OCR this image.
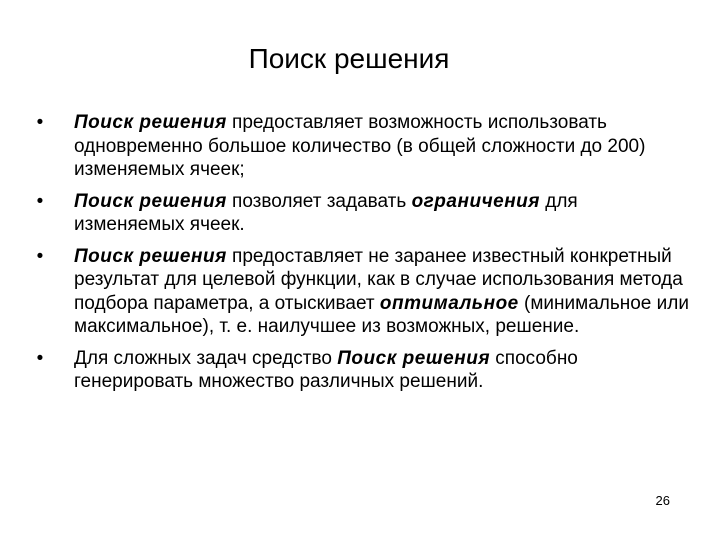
Поиск решения
•	Поиск решения предоставляет возможность использовать одновременно большое количество (в общей сложности до 200) изменяемых ячеек;
•	Поиск решения позволяет задавать ограничения для изменяемых ячеек.
•	Поиск решения предоставляет не заранее известный конкретный результат для целевой функции, как в случае использования метода подбора параметра, а отыскивает оптимальное (минимальное или максимальное), т. е. наилучшее из возможных, решение.
•	Для сложных задач средство Поиск решения способно генерировать множество различных решений.
26
